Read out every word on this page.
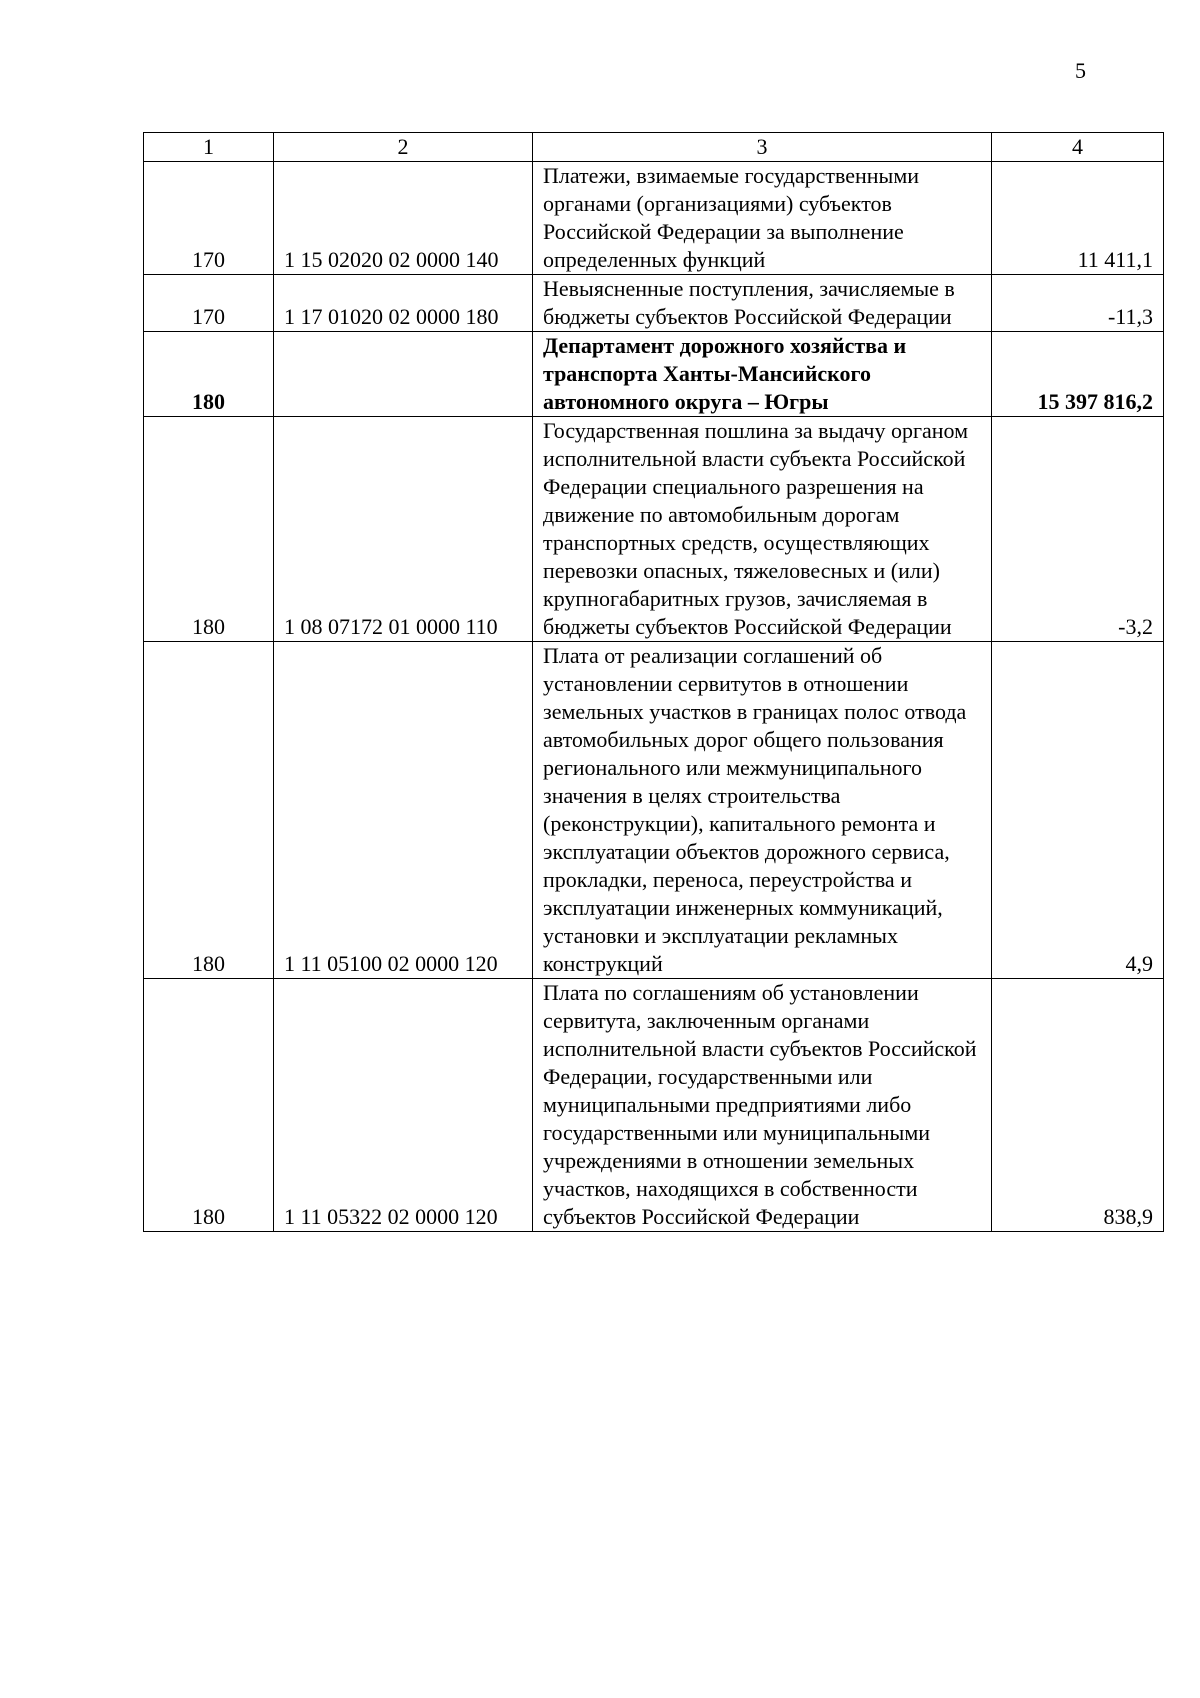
5
1	2	3	4
170	1 15 02020 02 0000 140	Платежи, взимаемые государственными органами (организациями) субъектов Российской Федерации за выполнение определенных функций	11 411,1
170	1 17 01020 02 0000 180	Невыясненные поступления, зачисляемые в бюджеты субъектов Российской Федерации	-11,3
180		Департамент дорожного хозяйства и транспорта Ханты-Мансийского автономного округа – Югры	15 397 816,2
180	1 08 07172 01 0000 110	Государственная пошлина за выдачу органом исполнительной власти субъекта Российской Федерации специального разрешения на движение по автомобильным дорогам транспортных средств, осуществляющих перевозки опасных, тяжеловесных и (или) крупногабаритных грузов, зачисляемая в бюджеты субъектов Российской Федерации	-3,2
180	1 11 05100 02 0000 120	Плата от реализации соглашений об установлении сервитутов в отношении земельных участков в границах полос отвода автомобильных дорог общего пользования регионального или межмуниципального значения в целях строительства (реконструкции), капитального ремонта и эксплуатации объектов дорожного сервиса, прокладки, переноса, переустройства и эксплуатации инженерных коммуникаций, установки и эксплуатации рекламных конструкций	4,9
180	1 11 05322 02 0000 120	Плата по соглашениям об установлении сервитута, заключенным органами исполнительной власти субъектов Российской Федерации, государственными или муниципальными предприятиями либо государственными или муниципальными учреждениями в отношении земельных участков, находящихся в собственности субъектов Российской Федерации	838,9
